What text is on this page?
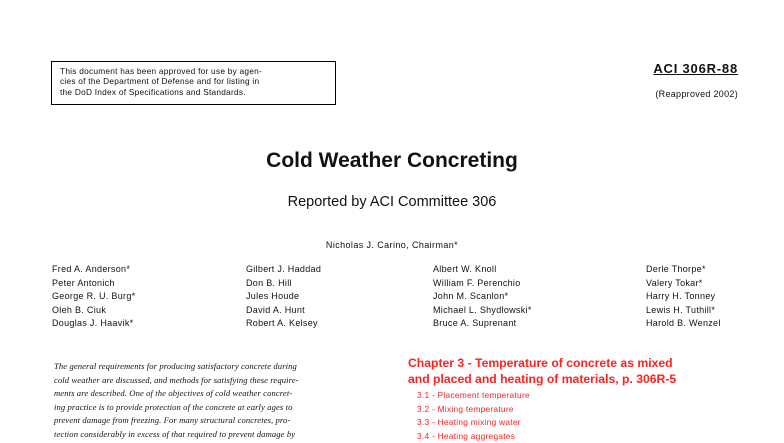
This document has been approved for use by agen-
cies of the Department of Defense and for listing in
the DoD Index of Specifications and Standards.
ACI 306R-88
(Reapproved 2002)
Cold Weather Concreting
Reported by ACI Committee 306
Nicholas J. Carino, Chairman*
Fred A. Anderson*
Peter Antonich
George R. U. Burg*
Oleh B. Ciuk
Douglas J. Haavik*
Gilbert J. Haddad
Don B. Hill
Jules Houde
David A. Hunt
Robert A. Kelsey
Albert W. Knoll
William F. Perenchio
John M. Scanlon*
Michael L. Shydlowski*
Bruce A. Suprenant
Derle Thorpe*
Valery Tokar*
Harry H. Tonney
Lewis H. Tuthill*
Harold B. Wenzel
The general requirements for producing satisfactory concrete during
cold weather are discussed, and methods for satisfying these require-
ments are described. One of the objectives of cold weather concret-
ing practice is to provide protection of the concrete at early ages to
prevent damage from freezing. For many structural concretes, pro-
tection considerably in excess of that required to prevent damage by
Chapter 3 - Temperature of concrete as mixed
and placed and heating of materials, p. 306R-5
3.1 - Placement temperature
3.2 - Mixing temperature
3.3 - Heating mixing water
3.4 - Heating aggregates
